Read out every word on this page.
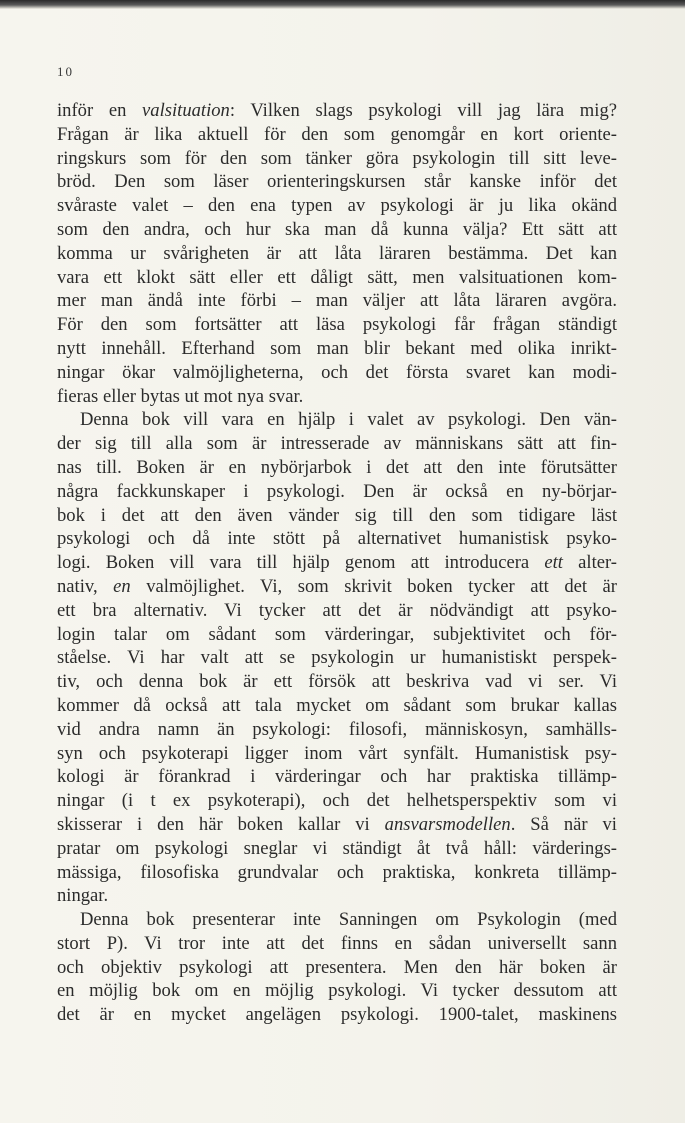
10
inför en valsituation: Vilken slags psykologi vill jag lära mig?
Frågan är lika aktuell för den som genomgår en kort oriente-
ringskurs som för den som tänker göra psykologin till sitt leve-
bröd. Den som läser orienteringskursen står kanske inför det
svåraste valet – den ena typen av psykologi är ju lika okänd
som den andra, och hur ska man då kunna välja? Ett sätt att
komma ur svårigheten är att låta läraren bestämma. Det kan
vara ett klokt sätt eller ett dåligt sätt, men valsituationen kom-
mer man ändå inte förbi – man väljer att låta läraren avgöra.
För den som fortsätter att läsa psykologi får frågan ständigt
nytt innehåll. Efterhand som man blir bekant med olika inrikt-
ningar ökar valmöjligheterna, och det första svaret kan modi-
fieras eller bytas ut mot nya svar.
Denna bok vill vara en hjälp i valet av psykologi. Den vän-
der sig till alla som är intresserade av människans sätt att fin-
nas till. Boken är en nybörjarbok i det att den inte förutsätter
några fackkunskaper i psykologi. Den är också en ny-börjar-
bok i det att den även vänder sig till den som tidigare läst
psykologi och då inte stött på alternativet humanistisk psyko-
logi. Boken vill vara till hjälp genom att introducera ett alter-
nativ, en valmöjlighet. Vi, som skrivit boken tycker att det är
ett bra alternativ. Vi tycker att det är nödvändigt att psyko-
login talar om sådant som värderingar, subjektivitet och för-
ståelse. Vi har valt att se psykologin ur humanistiskt perspek-
tiv, och denna bok är ett försök att beskriva vad vi ser. Vi
kommer då också att tala mycket om sådant som brukar kallas
vid andra namn än psykologi: filosofi, människosyn, samhälls-
syn och psykoterapi ligger inom vårt synfält. Humanistisk psy-
kologi är förankrad i värderingar och har praktiska tillämp-
ningar (i t ex psykoterapi), och det helhetsperspektiv som vi
skisserar i den här boken kallar vi ansvarsmodellen. Så när vi
pratar om psykologi sneglar vi ständigt åt två håll: värderings-
mässiga, filosofiska grundvalar och praktiska, konkreta tillämp-
ningar.
Denna bok presenterar inte Sanningen om Psykologin (med
stort P). Vi tror inte att det finns en sådan universellt sann
och objektiv psykologi att presentera. Men den här boken är
en möjlig bok om en möjlig psykologi. Vi tycker dessutom att
det är en mycket angelägen psykologi. 1900-talet, maskinens
